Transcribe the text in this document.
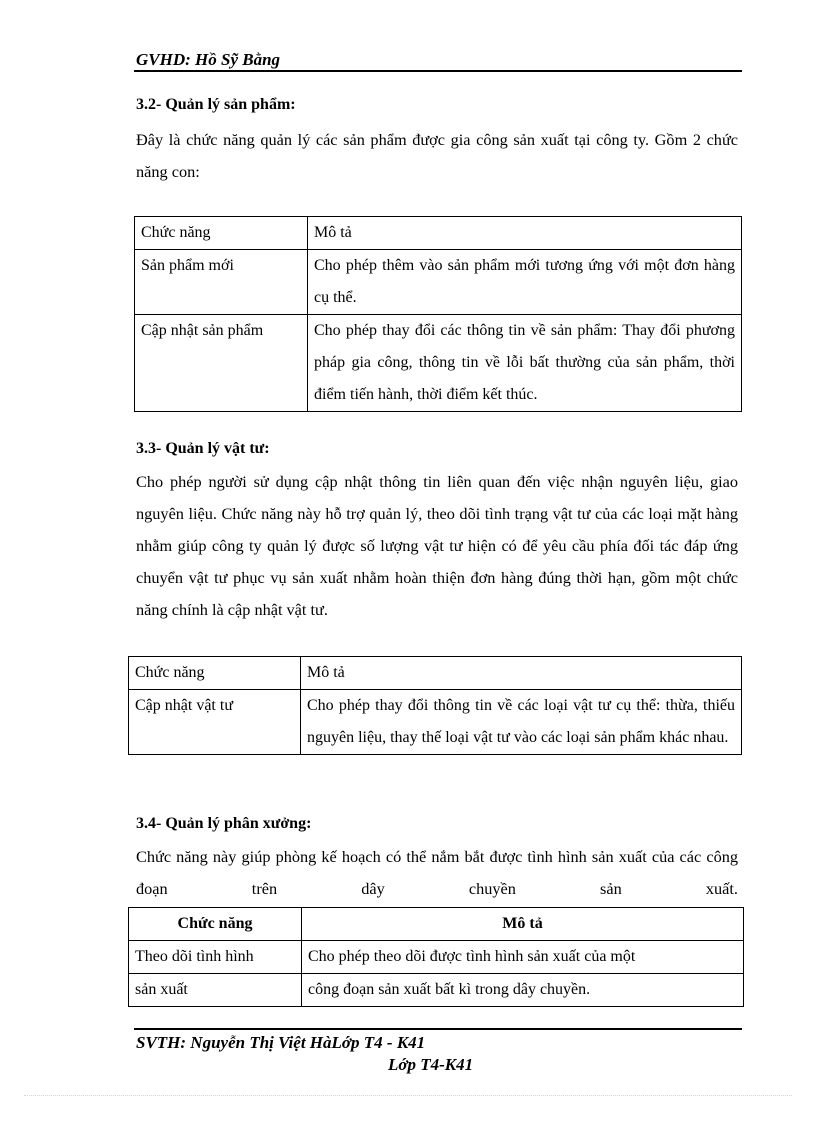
GVHD: Hồ Sỹ Bằng
3.2- Quản lý sản phẩm:
Đây là chức năng quản lý các sản phẩm được gia công sản xuất tại công ty. Gồm 2 chức năng con:
Chức năng	Mô tả
Sản phẩm mới	Cho phép thêm vào sản phẩm mới tương ứng với một đơn hàng cụ thể.
Cập nhật sản phẩm	Cho phép thay đổi các thông tin về sản phẩm: Thay đổi phương pháp gia công, thông tin về lỗi bất thường của sản phẩm, thời điểm tiến hành, thời điểm kết thúc.
3.3- Quản lý vật tư:
Cho phép người sử dụng cập nhật thông tin liên quan đến việc nhận nguyên liệu, giao nguyên liệu. Chức năng này hỗ trợ quản lý, theo dõi tình trạng vật tư của các loại mặt hàng nhằm giúp công ty quản lý được số lượng vật tư hiện có để yêu cầu phía đối tác đáp ứng chuyển vật tư phục vụ sản xuất nhằm hoàn thiện đơn hàng đúng thời hạn, gồm một chức năng chính là cập nhật vật tư.
Chức năng	Mô tả
Cập nhật vật tư	Cho phép thay đổi thông tin về các loại vật tư cụ thể: thừa, thiếu nguyên liệu, thay thế loại vật tư vào các loại sản phẩm khác nhau.
3.4- Quản lý phân xưởng:
Chức năng này giúp phòng kế hoạch có thể nắm bắt được tình hình sản xuất của các công đoạn trên dây chuyền sản xuất.
Chức năng	Mô tả
Theo dõi tình hình	Cho phép theo dõi được tình hình sản xuất của một
sản xuất	công đoạn sản xuất bất kì trong dây chuyền.
SVTH: Nguyễn Thị Việt HàLớp T4 - K41
Lớp T4-K41
